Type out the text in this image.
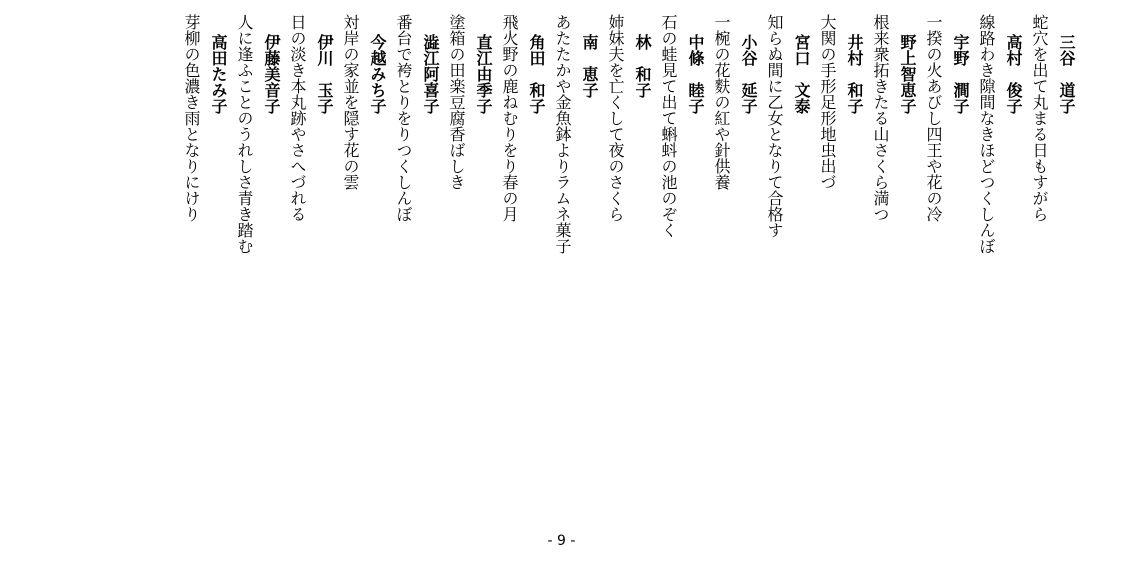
三谷　道子
蛇穴を出て丸まる日もすがら
高村　俊子
線路わき隙間なきほどつくしんぼ
宇野　澗子
一揆の火あびし四王や花の冷
野上智恵子
根来衆拓きたる山さくら満つ
井村　和子
大関の手形足形地虫出づ
宮口　文泰
知らぬ間に乙女となりて合格す
小谷　延子
一椀の花麩の紅や針供養
中條　睦子
石の蛙見て出て蝌蚪の池のぞく
林　和子
姉妹夫を亡くして夜のさくら
南　恵子
あたたかや金魚鉢よりラムネ菓子
角田　和子
飛火野の鹿ねむりをり春の月
直江由季子
塗箱の田楽豆腐香ばしき
澁江阿喜子
番台で袴とりをりつくしんぼ
今越みち子
対岸の家並を隠す花の雲
伊川　玉子
日の淡き本丸跡やさへづれる
伊藤美音子
人に逢ふことのうれしさ青き踏む
高田たみ子
芽柳の色濃き雨となりにけり
- 9 -
